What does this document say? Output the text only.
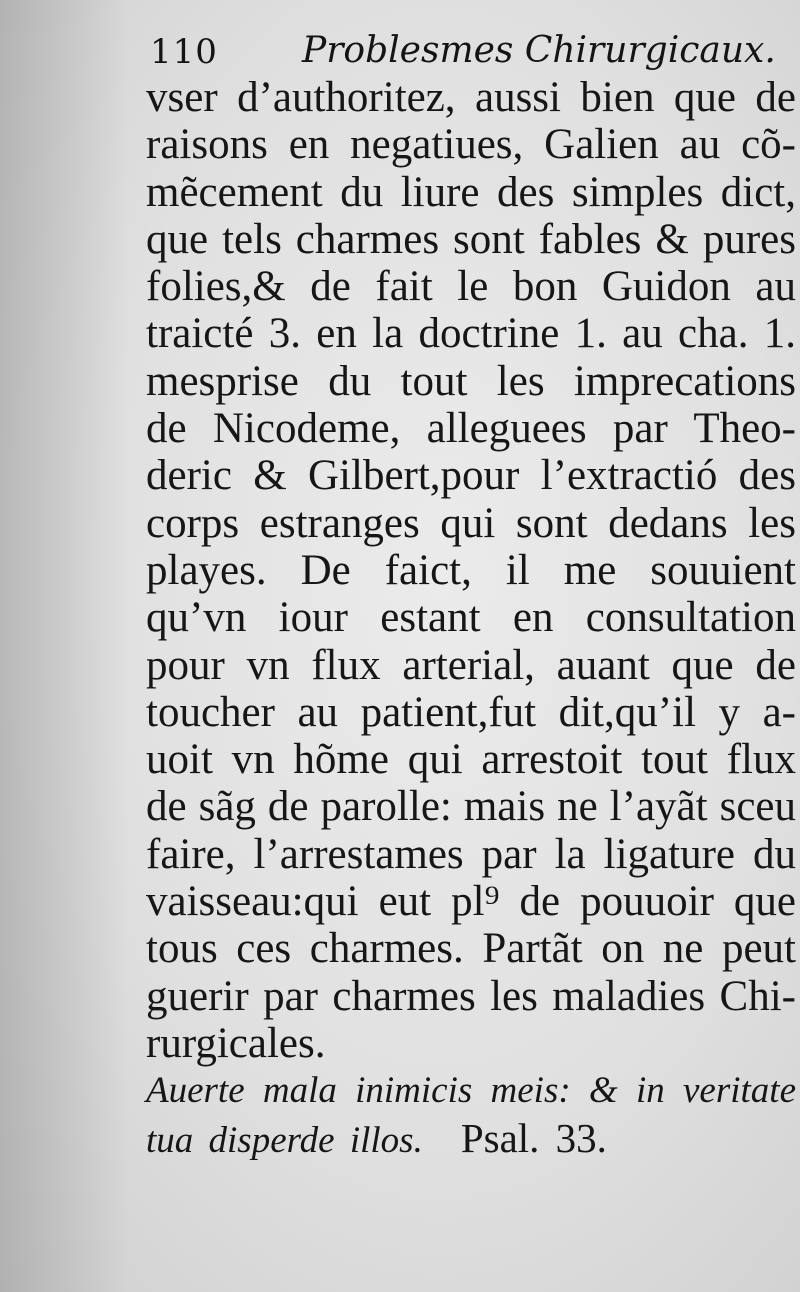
110 Problesmes Chirurgicaux.
vser d’authoritez, aussi bien que de
raisons en negatiues, Galien au cõ-
mẽcement du liure des simples dict,
que tels charmes sont fables & pures
folies,& de fait le bon Guidon au
traicté 3. en la doctrine 1. au cha. 1.
mesprise du tout les imprecations
de Nicodeme, alleguees par Theo-
deric & Gilbert,pour l’extractió des
corps estranges qui sont dedans les
playes. De faict, il me souuient
qu’vn iour estant en consultation
pour vn flux arterial, auant que de
toucher au patient,fut dit,qu’il y a-
uoit vn hõme qui arrestoit tout flux
de sãg de parolle: mais ne l’ayãt sceu
faire, l’arrestames par la ligature du
vaisseau:qui eut pl⁹ de pouuoir que
tous ces charmes. Partãt on ne peut
guerir par charmes les maladies Chi-
rurgicales.
Auerte mala inimicis meis: & in veritate
tua disperde illos. Psal. 33.
